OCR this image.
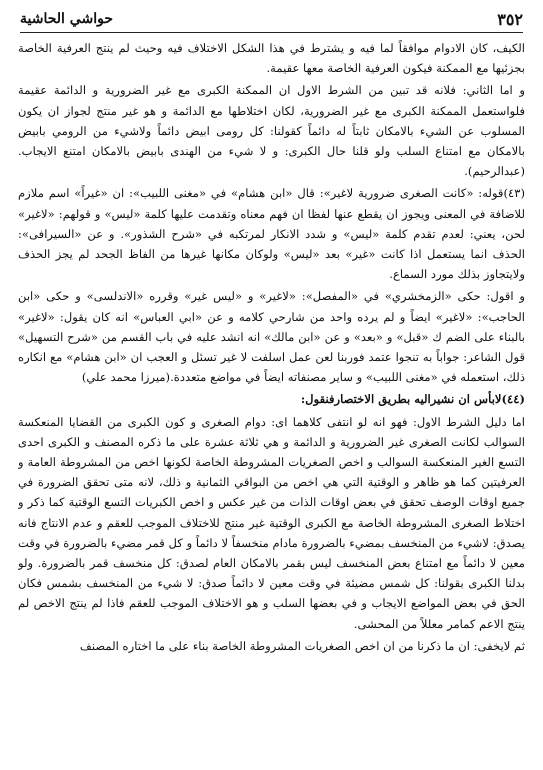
٣٥٢
حواشي الحاشية

الكيف، كان الادوام موافقاً لما فيه و يشترط في هذا الشكل الاختلاف فيه وحيث لم ينتج العرفية الخاصة بجزئيها مع الممكنة فيكون العرفية الخاصة معها عقيمة.

و اما الثاني: فلانه قد تبين من الشرط الاول ان الممكنة الكبرى مع غير الضرورية و الدائمة عقيمة فلواستعمل الممكنة الكبرى مع غير الضرورية، لكان اختلاطها مع الدائمة و هو غير منتج لجواز ان يكون المسلوب عن الشيء بالامكان ثابتاً له دائماً كقولنا: كل رومى ابيض دائماً ولاشيء من الرومي بابيض بالامكان مع امتناع السلب ولو قلنا حال الكبرى: و لا شيء من الهندى بابيض بالامكان امتنع الايجاب. (عبدالرحيم).

(٤٣)قوله: «كانت الصغرى ضرورية لاغير»: قال «ابن هشام» في «مغنى اللبيب»: ان «غيراً» اسم ملازم للاضافة في المعنى ويجوز ان يقطع عنها لفظا ان فهم معناه وتقدمت عليها كلمة «ليس» و قولهم: «لاغير» لحن، يعني: لعدم تقدم كلمة «ليس» و شدد الانكار لمرتكبه في «شرح الشذور». و عن «السيرافى»: الحذف انما يستعمل اذا كانت «غير» بعد «ليس» ولوكان مكانها غيرها من الفاظ الجحد لم يجز الحذف ولايتجاوز بذلك مورد السماع.

و اقول: حكى «الزمخشري» في «المفصل»: «لاغير» و «ليس غير» وقرره «الاندلسى» و حكى «ابن الحاجب»: «لاغير» ايضاً و لم يرده واحد من شارحي كلامه و عن «ابي العباس» انه كان يقول: «لاغير» بالبناء على الضم ك «قبل» و «بعد» و عن «ابن مالك» انه انشد عليه في باب القسم من «شرح التسهيل» قول الشاعر: جواباً به تنجوا عتمد فوربنا لعن عمل اسلفت لا غير تسئل و العجب ان «ابن هشام» مع انكاره ذلك، استعمله في «مغنى اللبيب» و ساير مصنفاته ايضاً في مواضع متعددة.(ميرزا محمد علي)

(٤٤)لابأس ان نشيراليه بطريق الاختصارفنقول:

اما دليل الشرط الاول: فهو انه لو انتفى كلاهما اى: دوام الصغرى و كون الكبرى من القضايا المنعكسة السوالب لكانت الصغرى غير الضرورية و الدائمة و هي ثلاثة عشرة على ما ذكره المصنف و الكبرى احدى التسع الغير المنعكسة السوالب و اخص الصغريات المشروطة الخاصة لكونها اخص من المشروطة العامة و العرفيتين كما هو ظاهر و الوقتية التي هي اخص من البواقي الثمانية و ذلك، لانه متى تحقق الضرورة في جميع اوقات الوصف تحقق في بعض اوقات الذات من غير عكس و اخص الكبريات التسع الوقتية كما ذكر و اختلاط الصغرى المشروطة الخاصة مع الكبرى الوقتية غير منتج للاختلاف الموجب للعقم و عدم الانتاج فانه يصدق: لاشيء من المنخسف بمضيء بالضرورة مادام منخسفاً لا دائماً و كل قمر مضيء بالضرورة في وقت معين لا دائماً مع امتناع بعض المنخسف ليس بقمر بالامكان العام لصدق: كل منخسف قمر بالضرورة. ولو بدلنا الكبرى بقولنا: كل شمس مضيئة في وقت معين لا دائماً صدق: لا شيء من المنخسف بشمس فكان الحق في بعض المواضع الايجاب و في بعضها السلب و هو الاختلاف الموجب للعقم فاذا لم ينتج الاخص لم ينتج الاعم كمامر معللاً من المحشى.

ثم لايخفى: ان ما ذكرنا من ان اخص الصغريات المشروطة الخاصة بناء على ما اختاره المصنف
